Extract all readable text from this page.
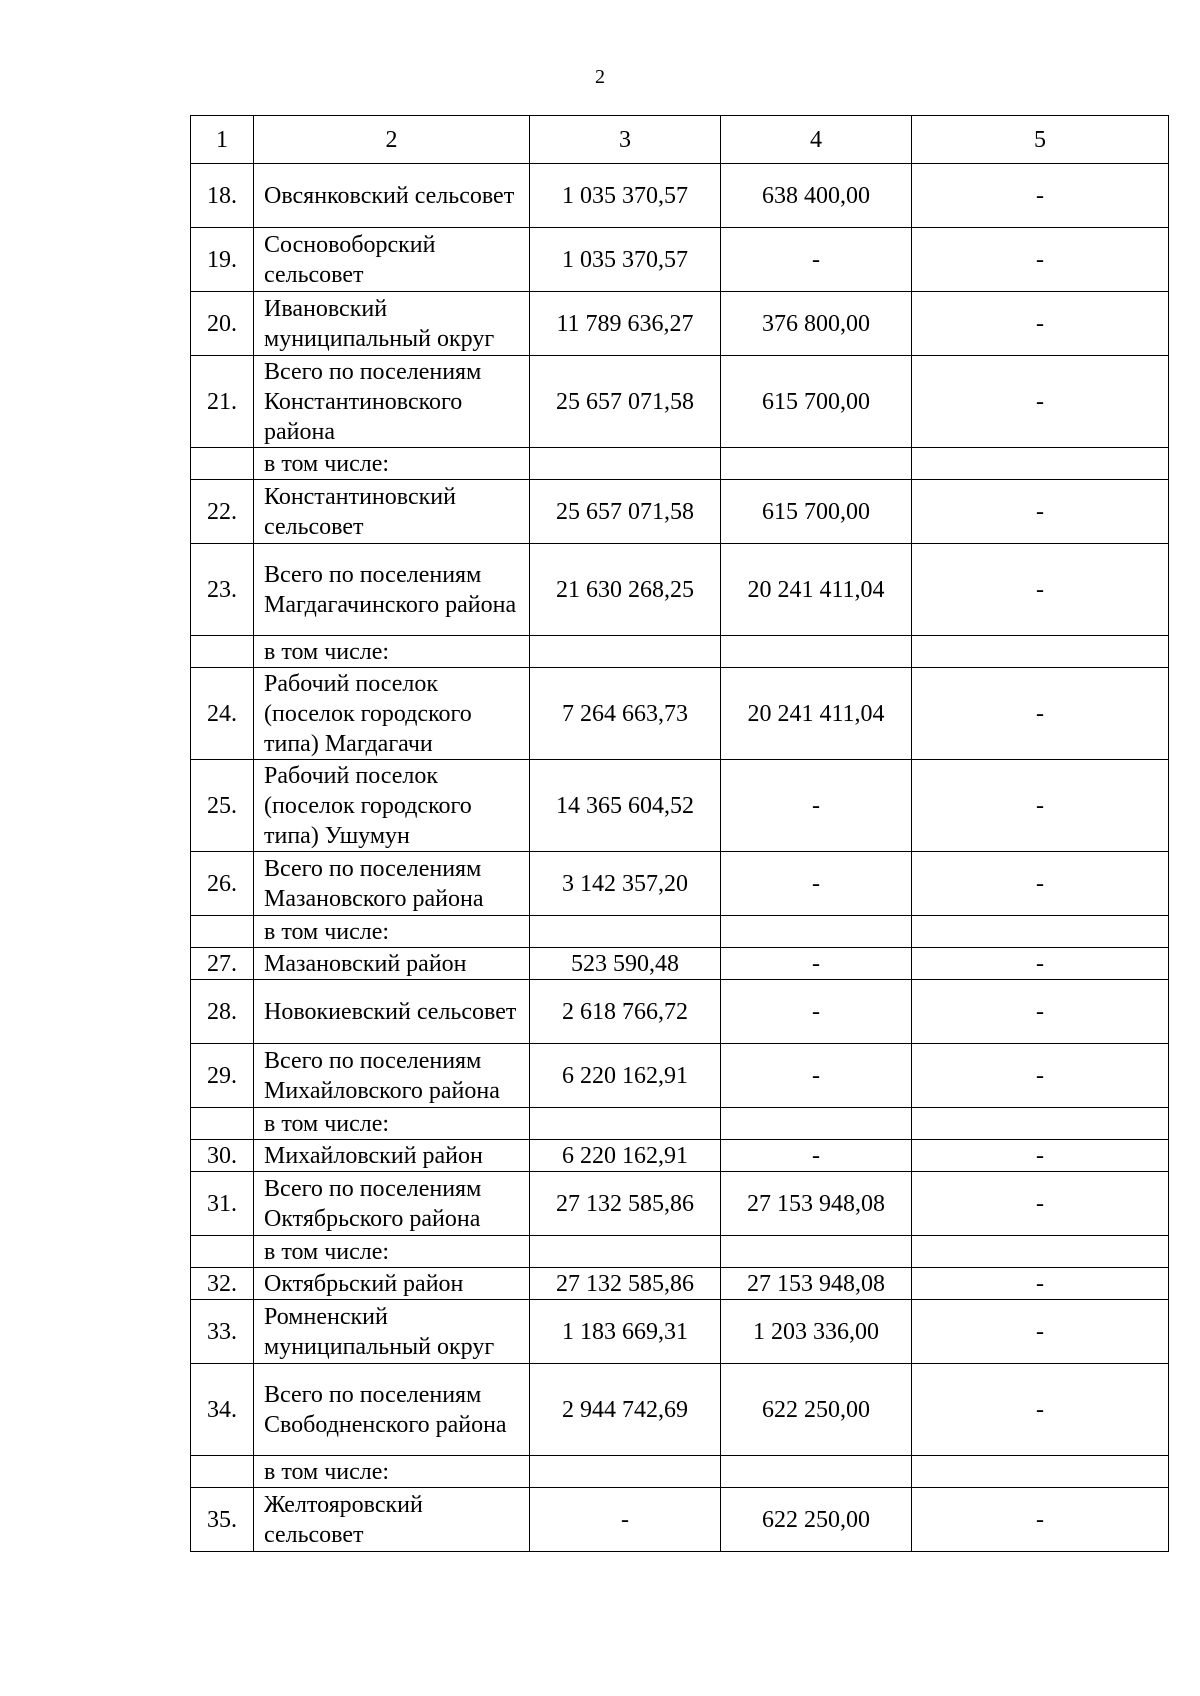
2
1	2	3	4	5
18.	Овсянковский сельсовет	1 035 370,57	638 400,00	-
19.	Сосновоборский сельсовет	1 035 370,57	-	-
20.	Ивановский муниципальный округ	11 789 636,27	376 800,00	-
21.	Всего по поселениям Константиновского района	25 657 071,58	615 700,00	-
	в том числе:			
22.	Константиновский сельсовет	25 657 071,58	615 700,00	-
23.	Всего по поселениям Магдагачинского района	21 630 268,25	20 241 411,04	-
	в том числе:			
24.	Рабочий поселок (поселок городского типа) Магдагачи	7 264 663,73	20 241 411,04	-
25.	Рабочий поселок (поселок городского типа) Ушумун	14 365 604,52	-	-
26.	Всего по поселениям Мазановского района	3 142 357,20	-	-
	в том числе:			
27.	Мазановский район	523 590,48	-	-
28.	Новокиевский сельсовет	2 618 766,72	-	-
29.	Всего по поселениям Михайловского района	6 220 162,91	-	-
	в том числе:			
30.	Михайловский район	6 220 162,91	-	-
31.	Всего по поселениям Октябрьского района	27 132 585,86	27 153 948,08	-
	в том числе:			
32.	Октябрьский район	27 132 585,86	27 153 948,08	-
33.	Ромненский муниципальный округ	1 183 669,31	1 203 336,00	-
34.	Всего по поселениям Свободненского района	2 944 742,69	622 250,00	-
	в том числе:			
35.	Желтояровский сельсовет	-	622 250,00	-
